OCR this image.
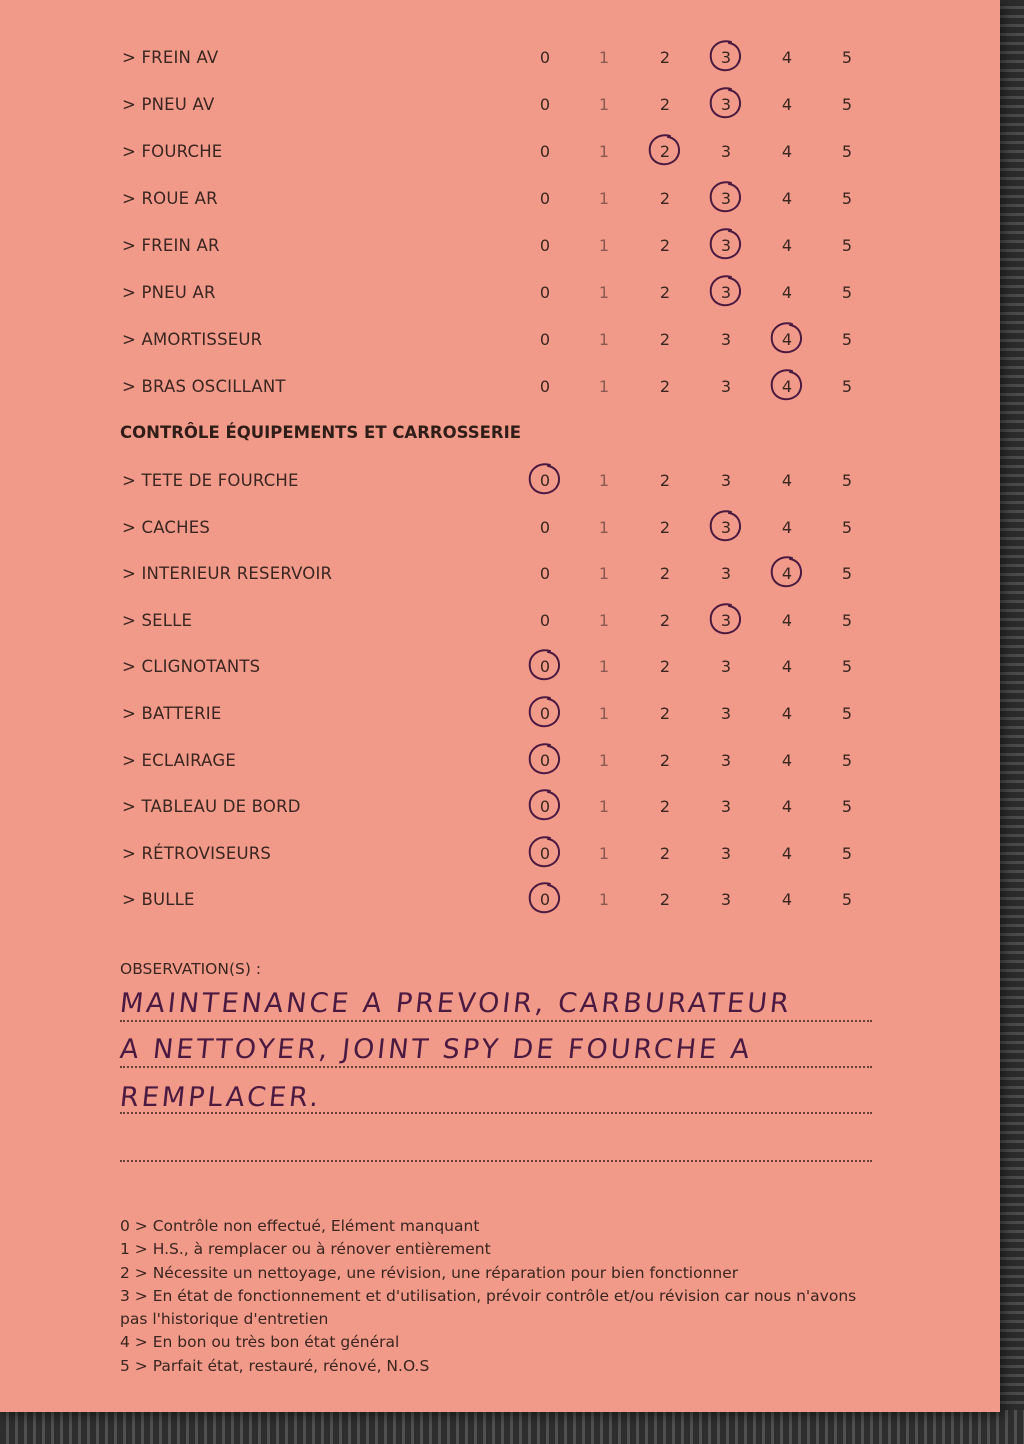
> FREIN AV	0	1	2	3	4	5
> PNEU AV	0	1	2	3	4	5
> FOURCHE	0	1	2	3	4	5
> ROUE AR	0	1	2	3	4	5
> FREIN AR	0	1	2	3	4	5
> PNEU AR	0	1	2	3	4	5
> AMORTISSEUR	0	1	2	3	4	5
> BRAS OSCILLANT	0	1	2	3	4	5
CONTRÔLE ÉQUIPEMENTS ET CARROSSERIE
> TETE DE FOURCHE	0	1	2	3	4	5
> CACHES	0	1	2	3	4	5
> INTERIEUR RESERVOIR	0	1	2	3	4	5
> SELLE	0	1	2	3	4	5
> CLIGNOTANTS	0	1	2	3	4	5
> BATTERIE	0	1	2	3	4	5
> ECLAIRAGE	0	1	2	3	4	5
> TABLEAU DE BORD	0	1	2	3	4	5
> RÉTROVISEURS	0	1	2	3	4	5
> BULLE	0	1	2	3	4	5
OBSERVATION(S) :
MAINTENANCE A PREVOIR, CARBURATEUR
A NETTOYER, JOINT SPY DE FOURCHE A
REMPLACER.
0 > Contrôle non effectué, Elément manquant
1 > H.S., à remplacer ou à rénover entièrement
2 > Nécessite un nettoyage, une révision, une réparation pour bien fonctionner
3 > En état de fonctionnement et d'utilisation, prévoir contrôle et/ou révision car nous n'avons pas l'historique d'entretien
4 > En bon ou très bon état général
5 > Parfait état, restauré, rénové, N.O.S
